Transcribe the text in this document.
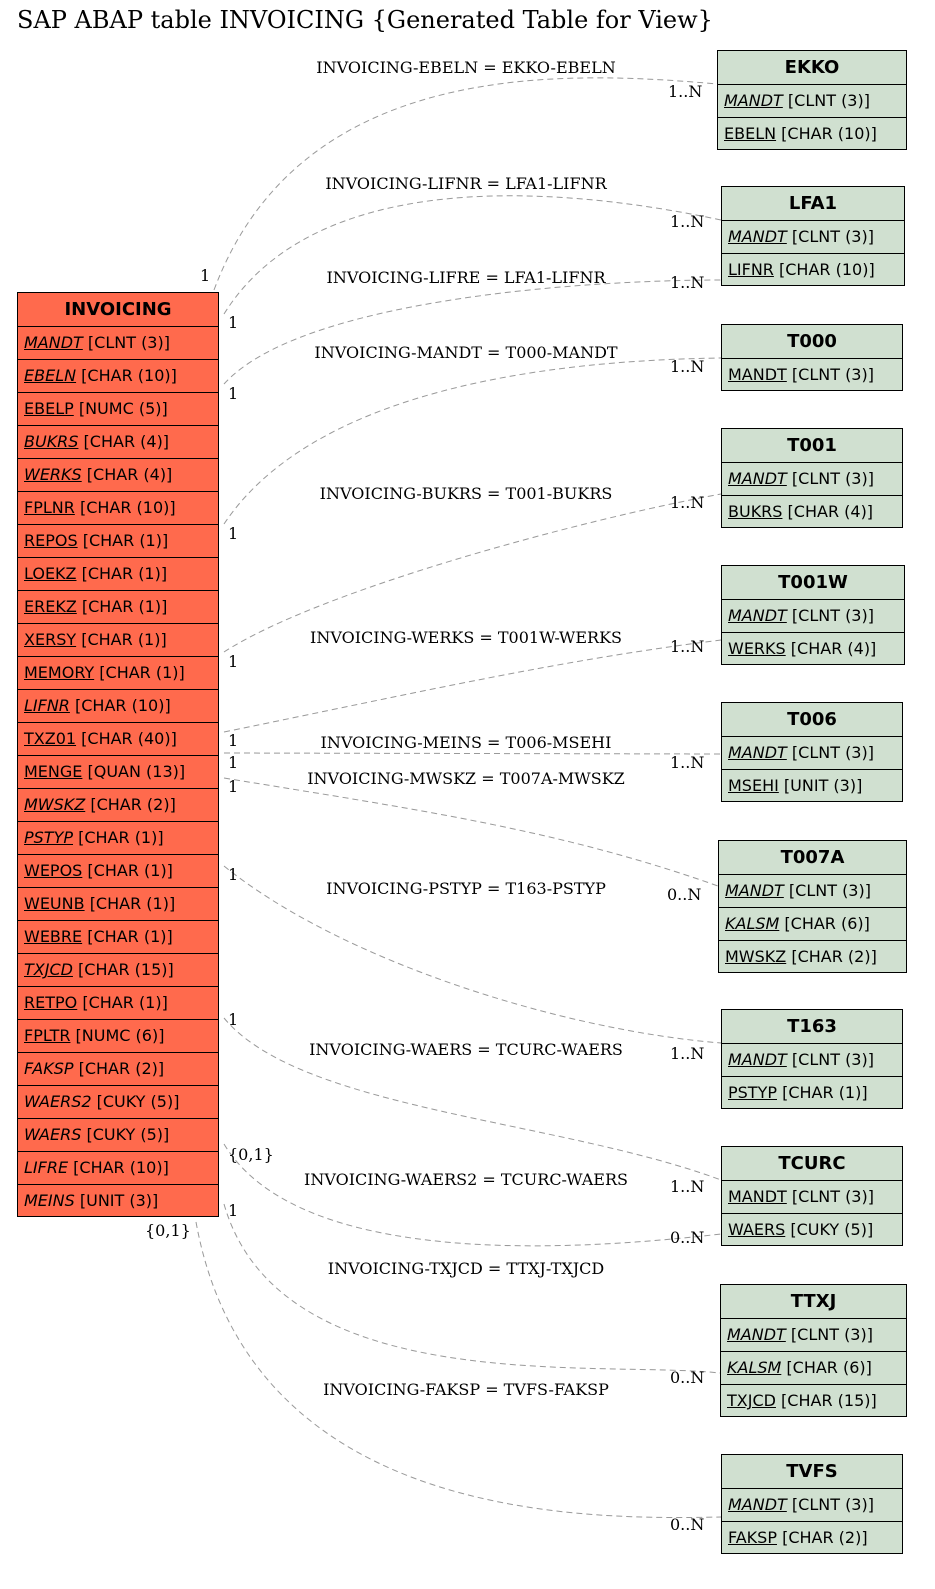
SAP ABAP table INVOICING {Generated Table for View}
INVOICING-EBELN = EKKO-EBELN
1
1..N
INVOICING-LIFNR = LFA1-LIFNR
1
1..N
INVOICING-LIFRE = LFA1-LIFNR
1
1..N
INVOICING-MANDT = T000-MANDT
1
1..N
INVOICING-BUKRS = T001-BUKRS
1
1..N
INVOICING-WERKS = T001W-WERKS
1
1..N
INVOICING-MEINS = T006-MSEHI
1	1..N
INVOICING-MWSKZ = T007A-MWSKZ
1
0..N
INVOICING-PSTYP = T163-PSTYP
1
1..N
INVOICING-WAERS = TCURC-WAERS
1
1..N
INVOICING-WAERS2 = TCURC-WAERS
{0,1}
0..N
INVOICING-TXJCD = TTXJ-TXJCD
1
0..N
INVOICING-FAKSP = TVFS-FAKSP
{0,1}
0..N
INVOICING
MANDT [CLNT (3)]
EBELN [CHAR (10)]
EBELP [NUMC (5)]
BUKRS [CHAR (4)]
WERKS [CHAR (4)]
FPLNR [CHAR (10)]
REPOS [CHAR (1)]
LOEKZ [CHAR (1)]
EREKZ [CHAR (1)]
XERSY [CHAR (1)]
MEMORY [CHAR (1)]
LIFNR [CHAR (10)]
TXZ01 [CHAR (40)]
MENGE [QUAN (13)]
MWSKZ [CHAR (2)]
PSTYP [CHAR (1)]
WEPOS [CHAR (1)]
WEUNB [CHAR (1)]
WEBRE [CHAR (1)]
TXJCD [CHAR (15)]
RETPO [CHAR (1)]
FPLTR [NUMC (6)]
FAKSP [CHAR (2)]
WAERS2 [CUKY (5)]
WAERS [CUKY (5)]
LIFRE [CHAR (10)]
MEINS [UNIT (3)]
EKKO
MANDT [CLNT (3)]
EBELN [CHAR (10)]
LFA1
MANDT [CLNT (3)]
LIFNR [CHAR (10)]
T000
MANDT [CLNT (3)]
T001
MANDT [CLNT (3)]
BUKRS [CHAR (4)]
T001W
MANDT [CLNT (3)]
WERKS [CHAR (4)]
T006
MANDT [CLNT (3)]
MSEHI [UNIT (3)]
T007A
MANDT [CLNT (3)]
KALSM [CHAR (6)]
MWSKZ [CHAR (2)]
T163
MANDT [CLNT (3)]
PSTYP [CHAR (1)]
TCURC
MANDT [CLNT (3)]
WAERS [CUKY (5)]
TTXJ
MANDT [CLNT (3)]
KALSM [CHAR (6)]
TXJCD [CHAR (15)]
TVFS
MANDT [CLNT (3)]
FAKSP [CHAR (2)]
